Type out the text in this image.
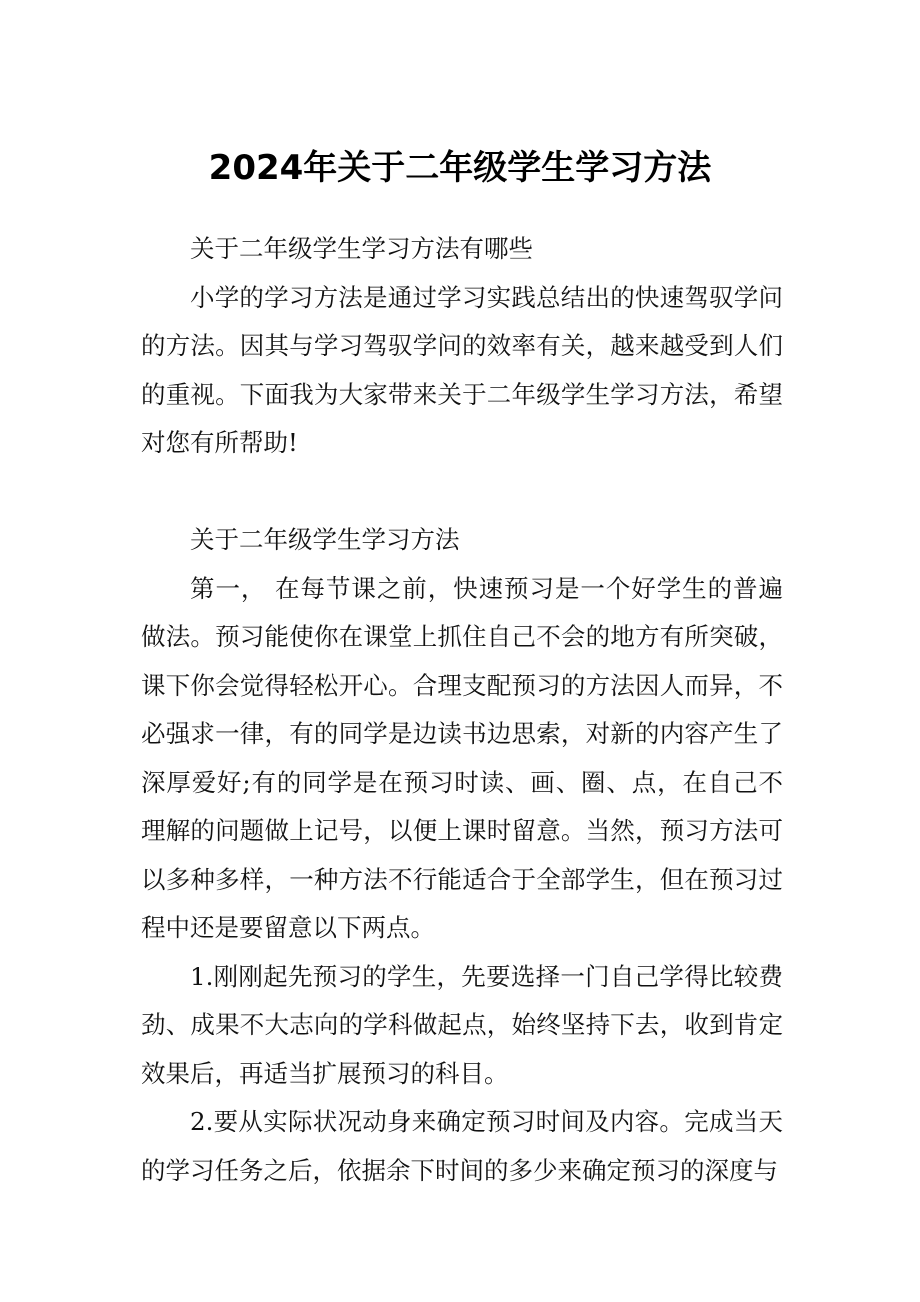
2024年关于二年级学生学习方法

关于二年级学生学习方法有哪些

小学的学习方法是通过学习实践总结出的快速驾驭学问的方法。因其与学习驾驭学问的效率有关，越来越受到人们的重视。下面我为大家带来关于二年级学生学习方法，希望对您有所帮助!

关于二年级学生学习方法

第一， 在每节课之前，快速预习是一个好学生的普遍做法。预习能使你在课堂上抓住自己不会的地方有所突破，课下你会觉得轻松开心。合理支配预习的方法因人而异，不必强求一律，有的同学是边读书边思索，对新的内容产生了深厚爱好;有的同学是在预习时读、画、圈、点，在自己不理解的问题做上记号，以便上课时留意。当然，预习方法可以多种多样，一种方法不行能适合于全部学生，但在预习过程中还是要留意以下两点。

1.刚刚起先预习的学生，先要选择一门自己学得比较费劲、成果不大志向的学科做起点，始终坚持下去，收到肯定效果后，再适当扩展预习的科目。

2.要从实际状况动身来确定预习时间及内容。完成当天的学习任务之后，依据余下时间的多少来确定预习的深度与
